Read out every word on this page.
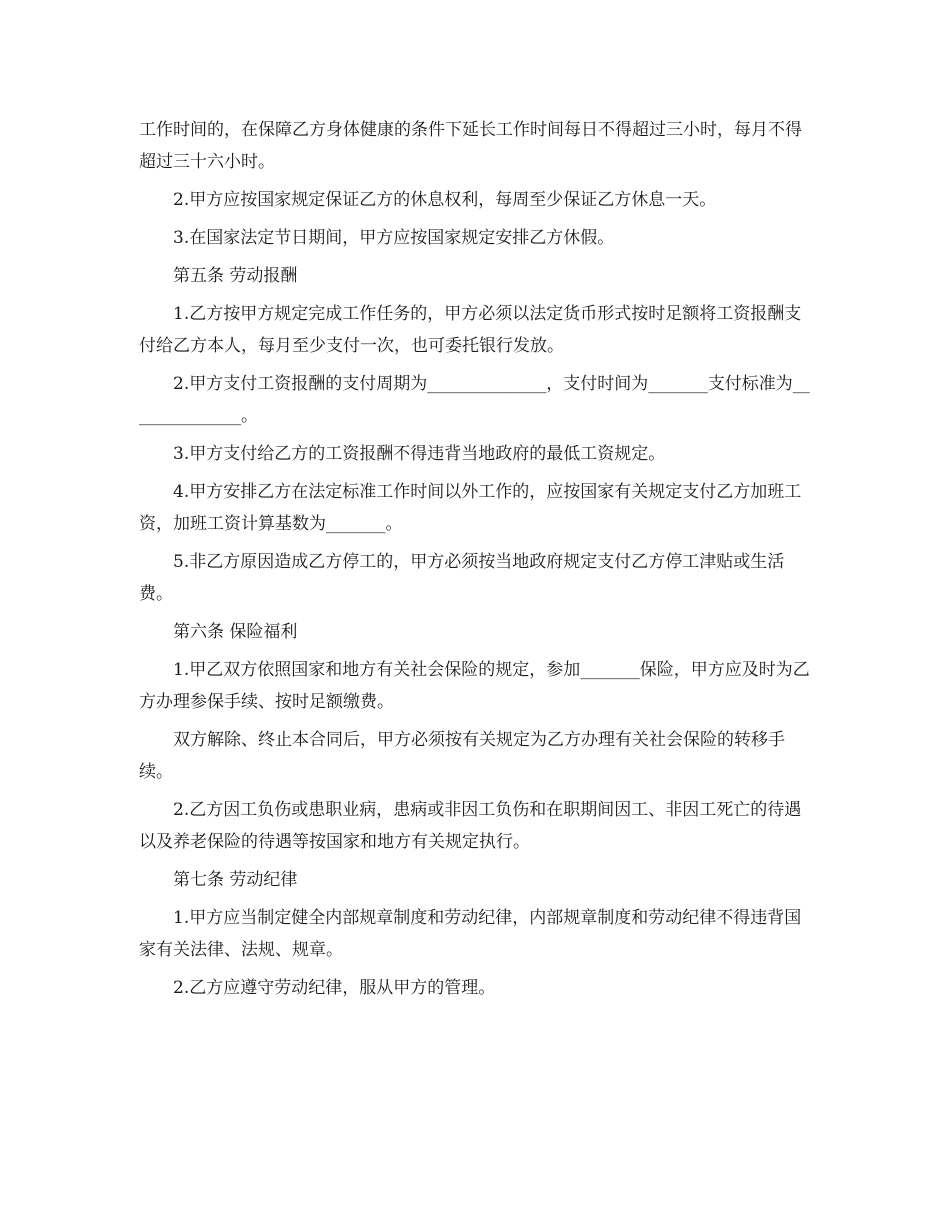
工作时间的，在保障乙方身体健康的条件下延长工作时间每日不得超过三小时，每月不得超过三十六小时。

2.甲方应按国家规定保证乙方的休息权利，每周至少保证乙方休息一天。

3.在国家法定节日期间，甲方应按国家规定安排乙方休假。

第五条 劳动报酬

1.乙方按甲方规定完成工作任务的，甲方必须以法定货币形式按时足额将工资报酬支付给乙方本人，每月至少支付一次，也可委托银行发放。

2.甲方支付工资报酬的支付周期为______________，支付时间为_______支付标准为______________。

3.甲方支付给乙方的工资报酬不得违背当地政府的最低工资规定。

4.甲方安排乙方在法定标准工作时间以外工作的，应按国家有关规定支付乙方加班工资，加班工资计算基数为_______。

5.非乙方原因造成乙方停工的，甲方必须按当地政府规定支付乙方停工津贴或生活费。

第六条 保险福利

1.甲乙双方依照国家和地方有关社会保险的规定，参加_______保险，甲方应及时为乙方办理参保手续、按时足额缴费。

双方解除、终止本合同后，甲方必须按有关规定为乙方办理有关社会保险的转移手续。

2.乙方因工负伤或患职业病，患病或非因工负伤和在职期间因工、非因工死亡的待遇以及养老保险的待遇等按国家和地方有关规定执行。

第七条 劳动纪律

1.甲方应当制定健全内部规章制度和劳动纪律，内部规章制度和劳动纪律不得违背国家有关法律、法规、规章。

2.乙方应遵守劳动纪律，服从甲方的管理。
